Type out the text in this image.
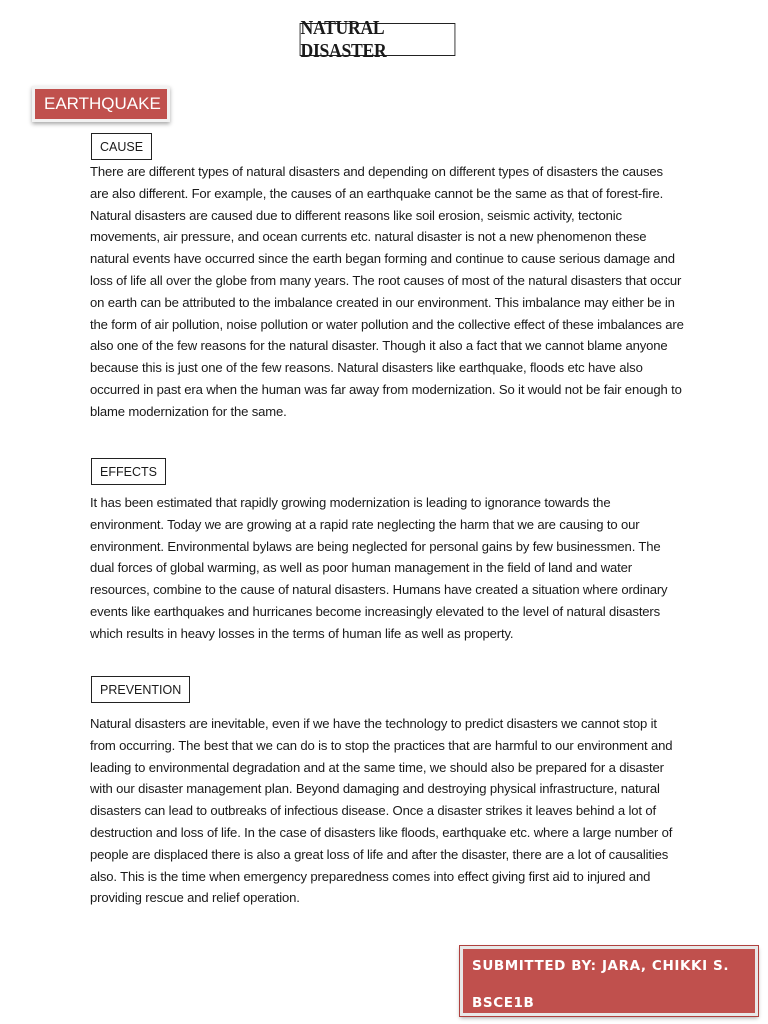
NATURAL DISASTER
EARTHQUAKE
CAUSE

There are different types of natural disasters and depending on different types of disasters the causes are also different. For example, the causes of an earthquake cannot be the same as that of forest-fire. Natural disasters are caused due to different reasons like soil erosion, seismic activity, tectonic movements, air pressure, and ocean currents etc. natural disaster is not a new phenomenon these natural events have occurred since the earth began forming and continue to cause serious damage and loss of life all over the globe from many years. The root causes of most of the natural disasters that occur on earth can be attributed to the imbalance created in our environment. This imbalance may either be in the form of air pollution, noise pollution or water pollution and the collective effect of these imbalances are also one of the few reasons for the natural disaster. Though it also a fact that we cannot blame anyone because this is just one of the few reasons. Natural disasters like earthquake, floods etc have also occurred in past era when the human was far away from modernization. So it would not be fair enough to blame modernization for the same.

EFFECTS

It has been estimated that rapidly growing modernization is leading to ignorance towards the environment. Today we are growing at a rapid rate neglecting the harm that we are causing to our environment. Environmental bylaws are being neglected for personal gains by few businessmen. The dual forces of global warming, as well as poor human management in the field of land and water resources, combine to the cause of natural disasters. Humans have created a situation where ordinary events like earthquakes and hurricanes become increasingly elevated to the level of natural disasters which results in heavy losses in the terms of human life as well as property.

PREVENTION

Natural disasters are inevitable, even if we have the technology to predict disasters we cannot stop it from occurring. The best that we can do is to stop the practices that are harmful to our environment and leading to environmental degradation and at the same time, we should also be prepared for a disaster with our disaster management plan. Beyond damaging and destroying physical infrastructure, natural disasters can lead to outbreaks of infectious disease. Once a disaster strikes it leaves behind a lot of destruction and loss of life. In the case of disasters like floods, earthquake etc. where a large number of people are displaced there is also a great loss of life and after the disaster, there are a lot of causalities also. This is the time when emergency preparedness comes into effect giving first aid to injured and providing rescue and relief operation.

SUBMITTED BY: JARA, CHIKKI S.
BSCE1B
